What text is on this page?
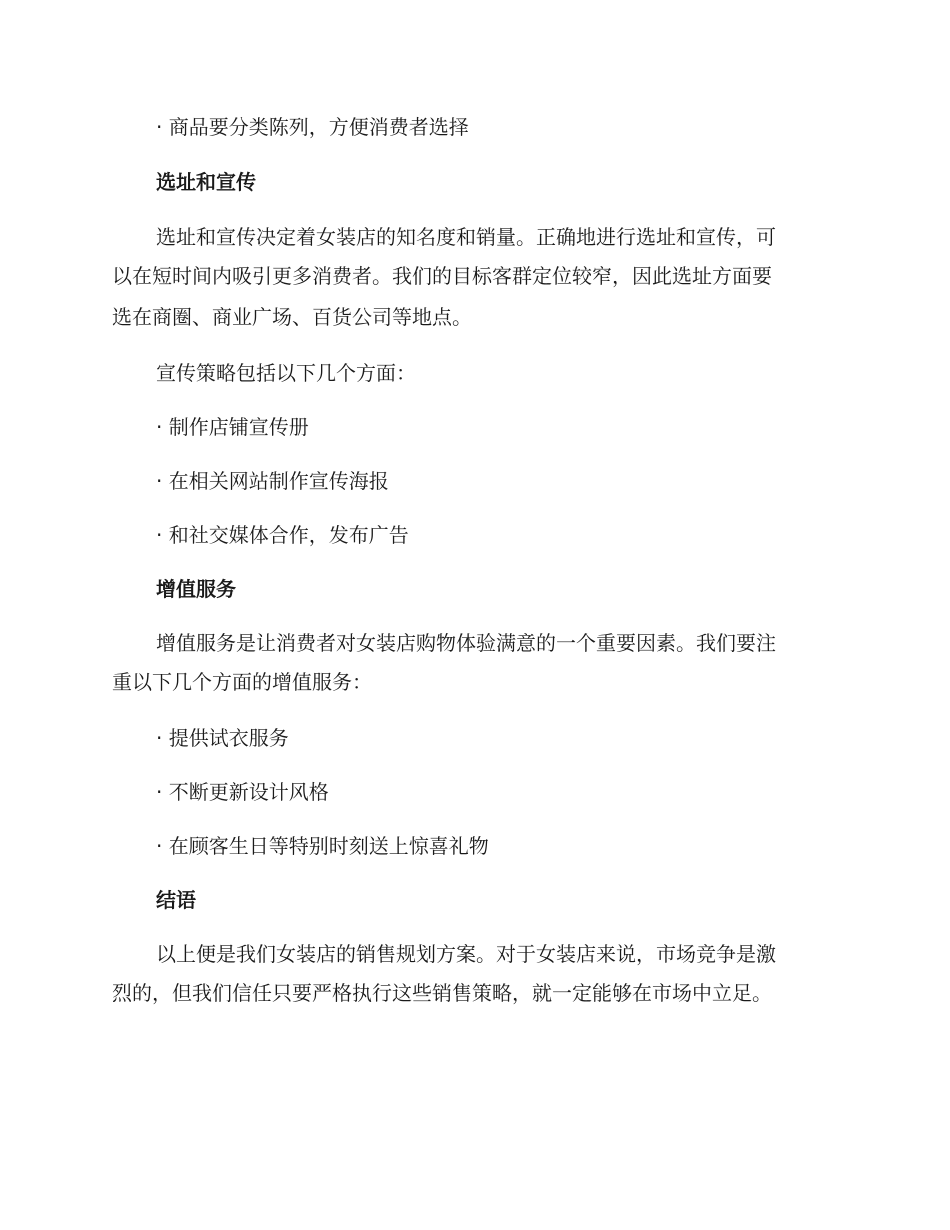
· 商品要分类陈列，方便消费者选择

选址和宣传

选址和宣传决定着女装店的知名度和销量。正确地进行选址和宣传，可

以在短时间内吸引更多消费者。我们的目标客群定位较窄，因此选址方面要

选在商圈、商业广场、百货公司等地点。

宣传策略包括以下几个方面：

· 制作店铺宣传册

· 在相关网站制作宣传海报

· 和社交媒体合作，发布广告

增值服务

增值服务是让消费者对女装店购物体验满意的一个重要因素。我们要注

重以下几个方面的增值服务：

· 提供试衣服务

· 不断更新设计风格

· 在顾客生日等特别时刻送上惊喜礼物

结语

以上便是我们女装店的销售规划方案。对于女装店来说，市场竞争是激

烈的，但我们信任只要严格执行这些销售策略，就一定能够在市场中立足。
